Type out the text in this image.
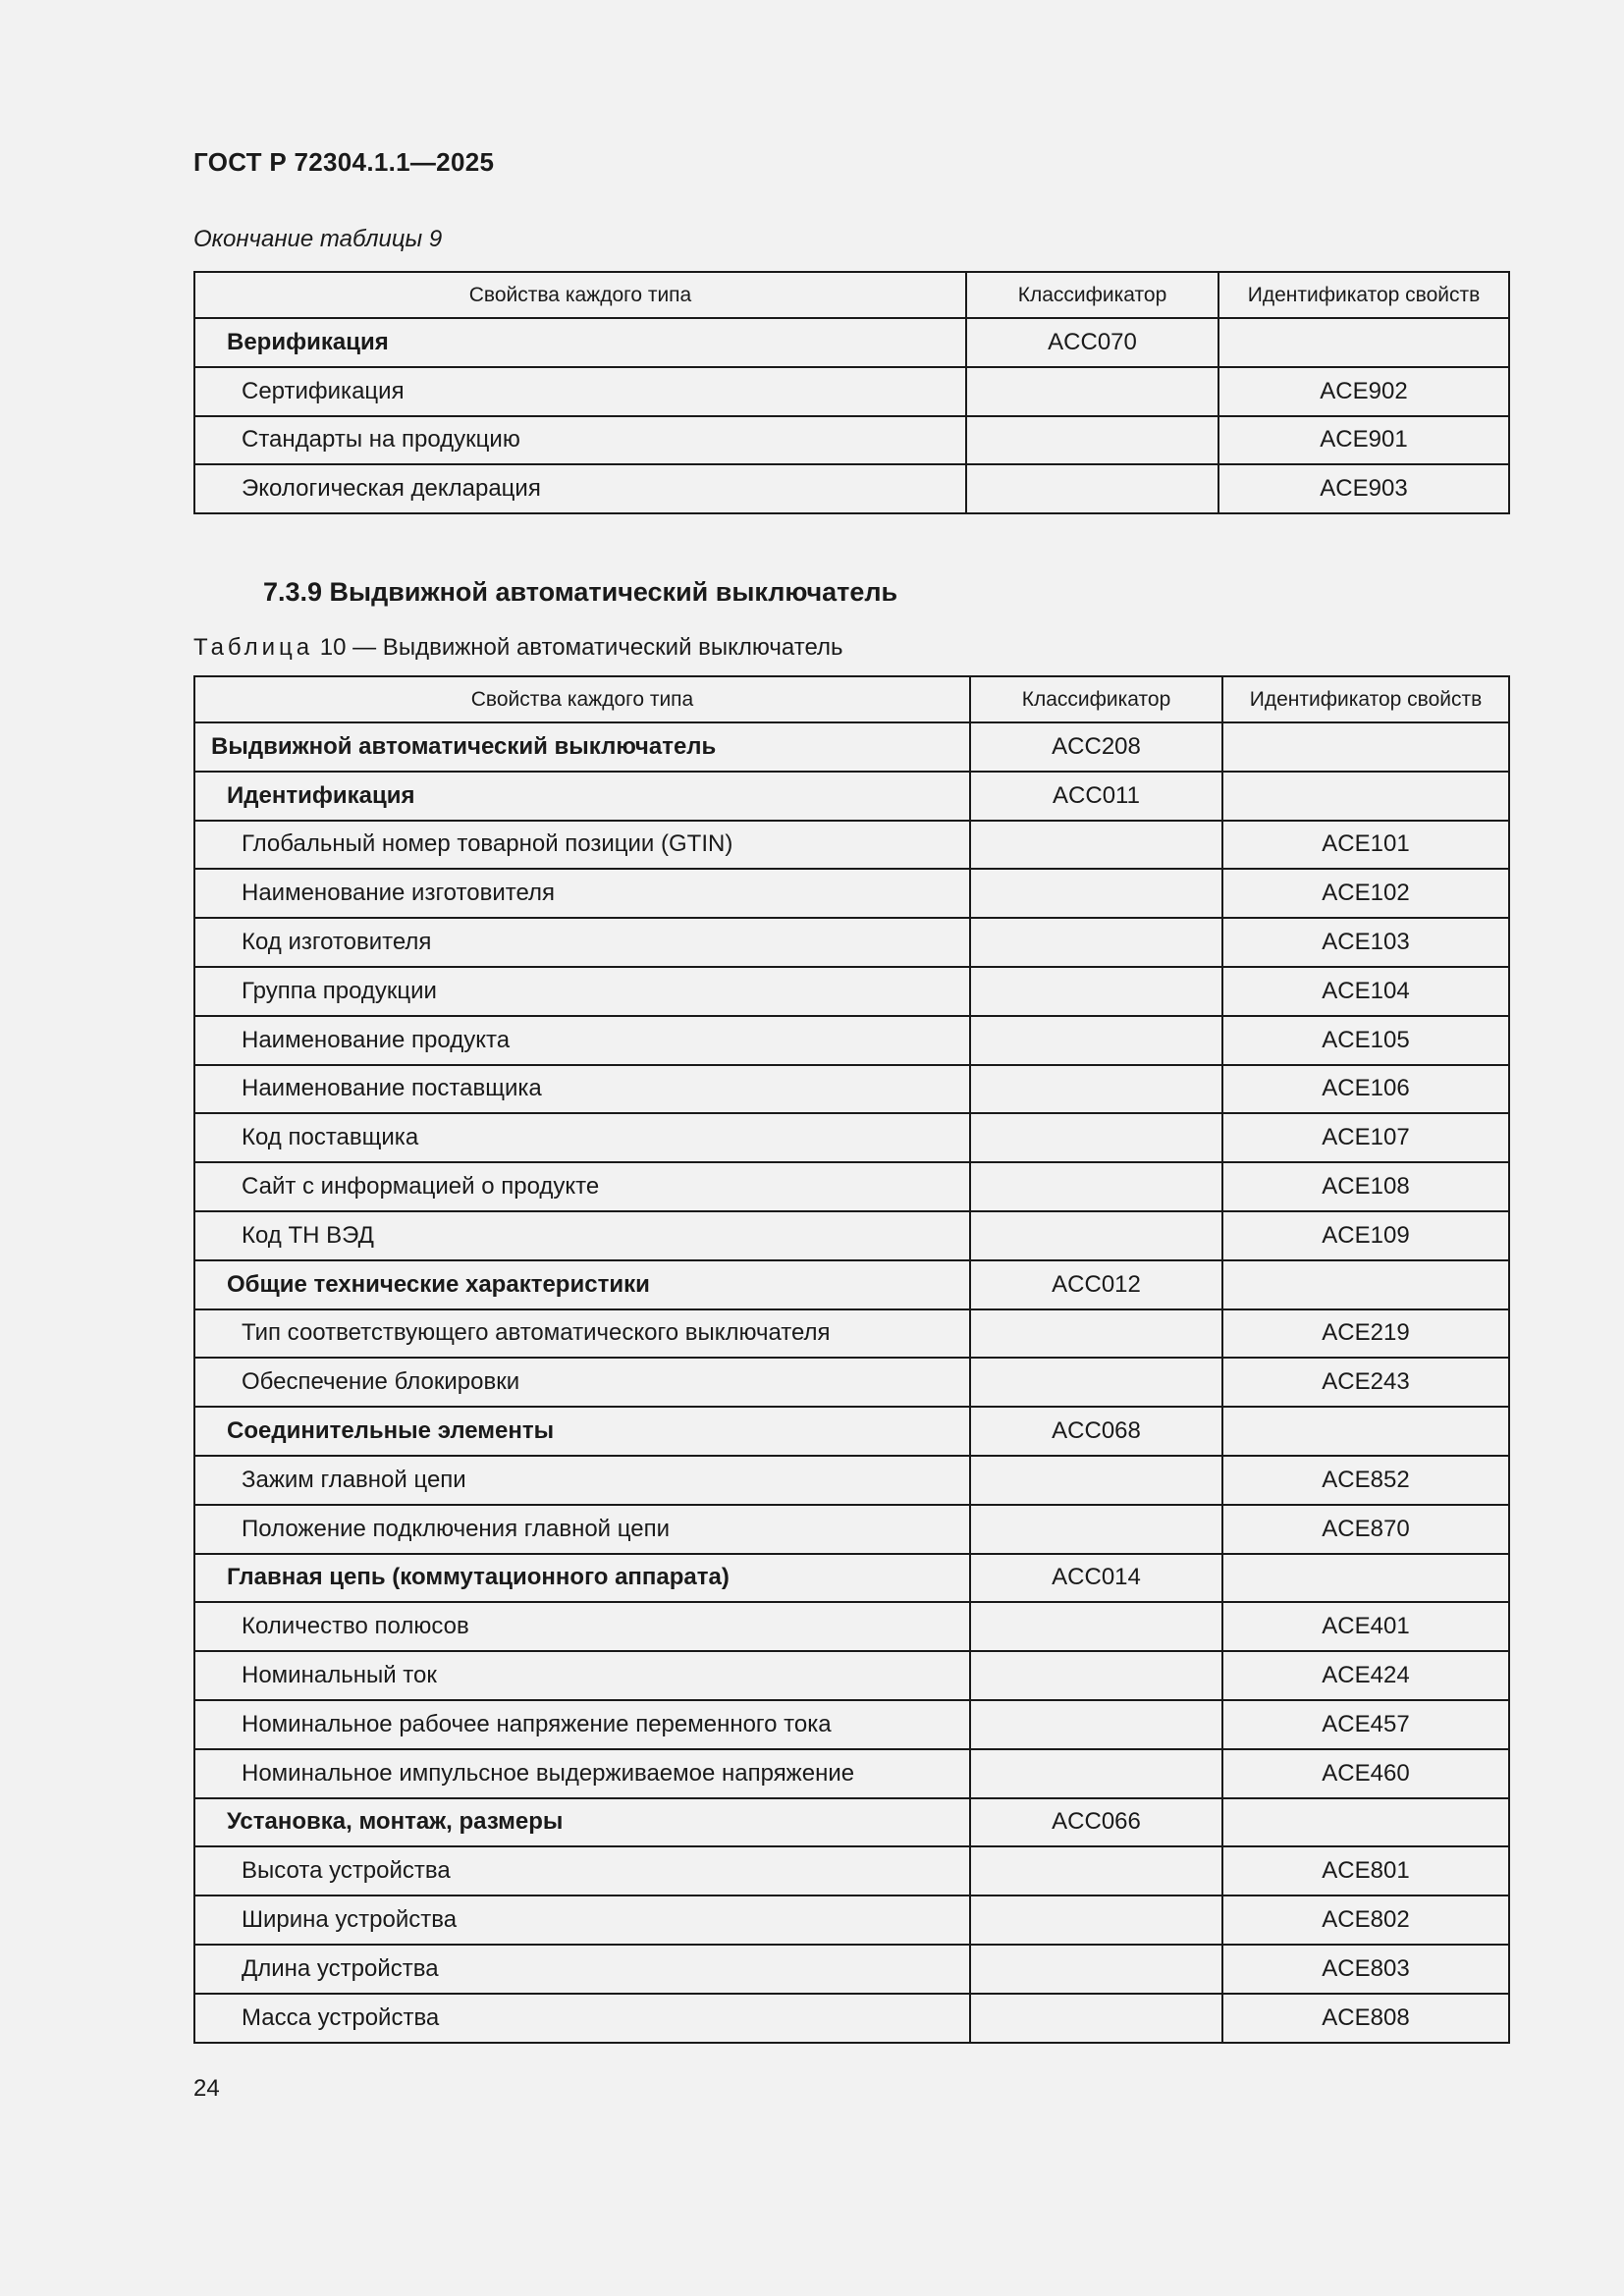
ГОСТ Р 72304.1.1—2025
Окончание таблицы 9
Свойства каждого типа	Классификатор	Идентификатор свойств
Верификация	ACC070	
Сертификация		ACE902
Стандарты на продукцию		ACE901
Экологическая декларация		ACE903
7.3.9 Выдвижной автоматический выключатель
Таблица 10 — Выдвижной автоматический выключатель
Свойства каждого типа	Классификатор	Идентификатор свойств
Выдвижной автоматический выключатель	ACC208	
Идентификация	ACC011	
Глобальный номер товарной позиции (GTIN)		ACE101
Наименование изготовителя		ACE102
Код изготовителя		ACE103
Группа продукции		ACE104
Наименование продукта		ACE105
Наименование поставщика		ACE106
Код поставщика		ACE107
Сайт с информацией о продукте		ACE108
Код ТН ВЭД		ACE109
Общие технические характеристики	ACC012	
Тип соответствующего автоматического выключателя		ACE219
Обеспечение блокировки		ACE243
Соединительные элементы	ACC068	
Зажим главной цепи		ACE852
Положение подключения главной цепи		ACE870
Главная цепь (коммутационного аппарата)	ACC014	
Количество полюсов		ACE401
Номинальный ток		ACE424
Номинальное рабочее напряжение переменного тока		ACE457
Номинальное импульсное выдерживаемое напряжение		ACE460
Установка, монтаж, размеры	ACC066	
Высота устройства		ACE801
Ширина устройства		ACE802
Длина устройства		ACE803
Масса устройства		ACE808
24
